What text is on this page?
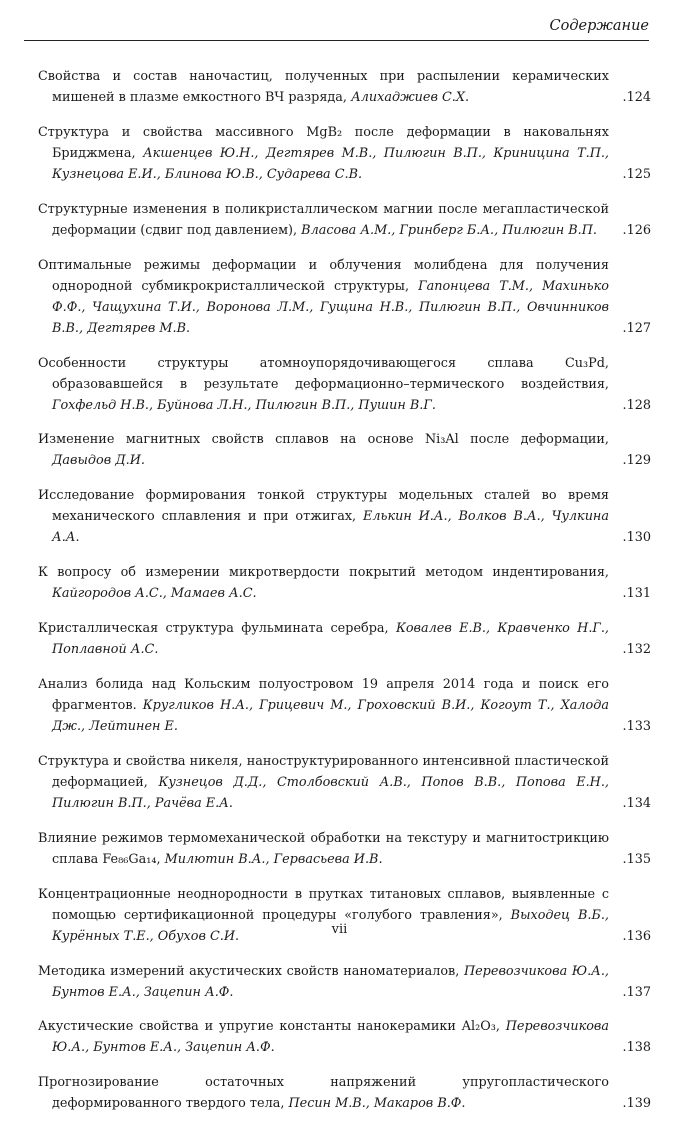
Содержание
Свойства и состав наночастиц, полученных при распылении керамических мишеней в плазме емкостного ВЧ разряда, Алихаджиев С.Х.	.124
Структура и свойства массивного MgB₂ после деформации в наковальнях Бриджмена, Акшенцев Ю.Н., Дегтярев М.В., Пилюгин В.П., Криницина Т.П., Кузнецова Е.И., Блинова Ю.В., Сударева С.В.	.125
Структурные изменения в поликристаллическом магнии после мегапластической деформации (сдвиг под давлением), Власова А.М., Гринберг Б.А., Пилюгин В.П.	.126
Оптимальные режимы деформации и облучения молибдена для получения однородной субмикрокристаллической структуры, Гапонцева Т.М., Махинько Ф.Ф., Чащухина Т.И., Воронова Л.М., Гущина Н.В., Пилюгин В.П., Овчинников В.В., Дегтярев М.В.	.127
Особенности структуры атомноупорядочивающегося сплава Cu₃Pd, образовавшейся в результате деформационно–термического воздействия, Гохфельд Н.В., Буйнова Л.Н., Пилюгин В.П., Пушин В.Г.	.128
Изменение магнитных свойств сплавов на основе Ni₃Al после деформации, Давыдов Д.И.	.129
Исследование формирования тонкой структуры модельных сталей во время механического сплавления и при отжигах, Елькин И.А., Волков В.А., Чулкина А.А.	.130
К вопросу об измерении микротвердости покрытий методом индентирования, Кайгородов А.С., Мамаев А.С.	.131
Кристаллическая структура фульмината серебра, Ковалев Е.В., Кравченко Н.Г., Поплавной А.С.	.132
Анализ болида над Кольским полуостровом 19 апреля 2014 года и поиск его фрагментов. Кругликов Н.А., Грицевич М., Гроховский В.И., Когоут Т., Халода Дж., Лейтинен Е.	.133
Структура и свойства никеля, наноструктурированного интенсивной пластической деформацией, Кузнецов Д.Д., Столбовский А.В., Попов В.В., Попова Е.Н., Пилюгин В.П., Рачёва Е.А.	.134
Влияние режимов термомеханической обработки на текстуру и магнитострикцию сплава Fe₈₆Ga₁₄, Милютин В.А., Гервасьева И.В.	.135
Концентрационные неоднородности в прутках титановых сплавов, выявленные с помощью сертификационной процедуры «голубого травления», Выходец В.Б., Курённых Т.Е., Обухов С.И.	.136
Методика измерений акустических свойств наноматериалов, Перевозчикова Ю.А., Бунтов Е.А., Зацепин А.Ф.	.137
Акустические свойства и упругие константы нанокерамики Al₂O₃, Перевозчикова Ю.А., Бунтов Е.А., Зацепин А.Ф.	.138
Прогнозирование остаточных напряжений упругопластического деформированного твердого тела, Песин М.В., Макаров В.Ф.	.139
vii
